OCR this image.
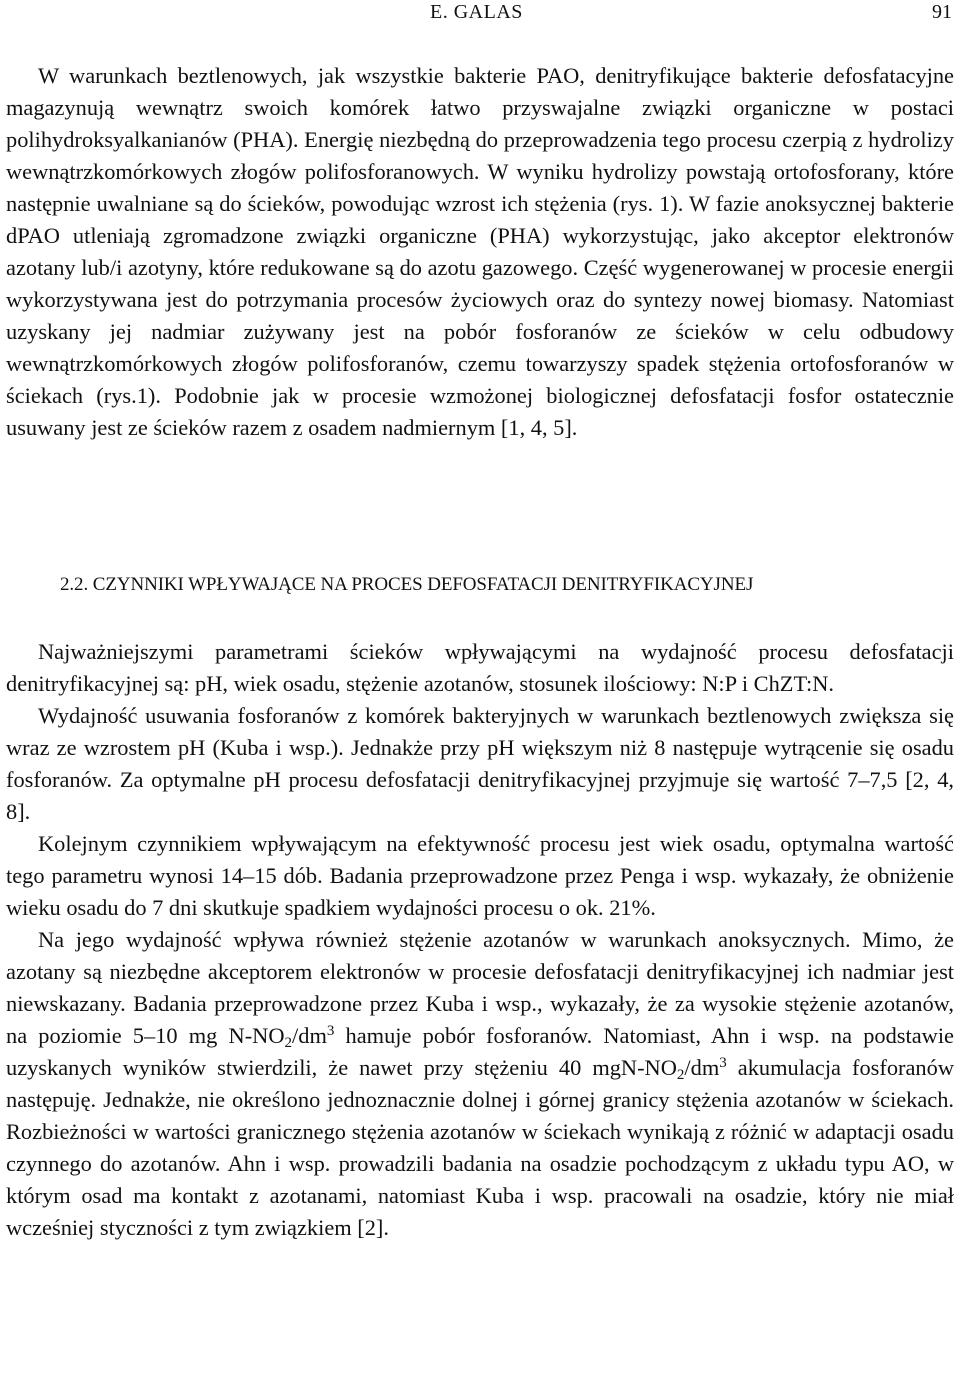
E. GALAS	91

W warunkach beztlenowych, jak wszystkie bakterie PAO, denitryfikujące bakterie defosfatacyjne magazynują wewnątrz swoich komórek łatwo przyswajalne związki organiczne w postaci polihydroksyalkanianów (PHA). Energię niezbędną do przeprowadzenia tego procesu czerpią z hydrolizy wewnątrzkomórkowych złogów polifosforanowych. W wyniku hydrolizy powstają ortofosforany, które następnie uwalniane są do ścieków, powodując wzrost ich stężenia (rys. 1). W fazie anoksycznej bakterie dPAO utleniają zgromadzone związki organiczne (PHA) wykorzystując, jako akceptor elektronów azotany lub/i azotyny, które redukowane są do azotu gazowego. Część wygenerowanej w procesie energii wykorzystywana jest do potrzymania procesów życiowych oraz do syntezy nowej biomasy. Natomiast uzyskany jej nadmiar zużywany jest na pobór fosforanów ze ścieków w celu odbudowy wewnątrzkomórkowych złogów polifosforanów, czemu towarzyszy spadek stężenia ortofosforanów w ściekach (rys.1). Podobnie jak w procesie wzmożonej biologicznej defosfatacji fosfor ostatecznie usuwany jest ze ścieków razem z osadem nadmiernym [1, 4, 5].

2.2. CZYNNIKI WPŁYWAJĄCE NA PROCES DEFOSFATACJI DENITRYFIKACYJNEJ

Najważniejszymi parametrami ścieków wpływającymi na wydajność procesu defosfatacji denitryfikacyjnej są: pH, wiek osadu, stężenie azotanów, stosunek ilościowy: N:P i ChZT:N.

Wydajność usuwania fosforanów z komórek bakteryjnych w warunkach beztlenowych zwiększa się wraz ze wzrostem pH (Kuba i wsp.). Jednakże przy pH większym niż 8 następuje wytrącenie się osadu fosforanów. Za optymalne pH procesu defosfatacji denitryfikacyjnej przyjmuje się wartość 7–7,5 [2, 4, 8].

Kolejnym czynnikiem wpływającym na efektywność procesu jest wiek osadu, optymalna wartość tego parametru wynosi 14–15 dób. Badania przeprowadzone przez Penga i wsp. wykazały, że obniżenie wieku osadu do 7 dni skutkuje spadkiem wydajności procesu o ok. 21%.

Na jego wydajność wpływa również stężenie azotanów w warunkach anoksycznych. Mimo, że azotany są niezbędne akceptorem elektronów w procesie defosfatacji denitryfikacyjnej ich nadmiar jest niewskazany. Badania przeprowadzone przez Kuba i wsp., wykazały, że za wysokie stężenie azotanów, na poziomie 5–10 mg $N-NO_2/dm^3$ hamuje pobór fosforanów. Natomiast, Ahn i wsp. na podstawie uzyskanych wyników stwierdzili, że nawet przy stężeniu 40 mgN-$NO_2/dm^3$ akumulacja fosforanów następuję. Jednakże, nie określono jednoznacznie dolnej i górnej granicy stężenia azotanów w ściekach. Rozbieżności w wartości granicznego stężenia azotanów w ściekach wynikają z różnić w adaptacji osadu czynnego do azotanów. Ahn i wsp. prowadzili badania na osadzie pochodzącym z układu typu AO, w którym osad ma kontakt z azotanami, natomiast Kuba i wsp. pracowali na osadzie, który nie miał wcześniej styczności z tym związkiem [2].
